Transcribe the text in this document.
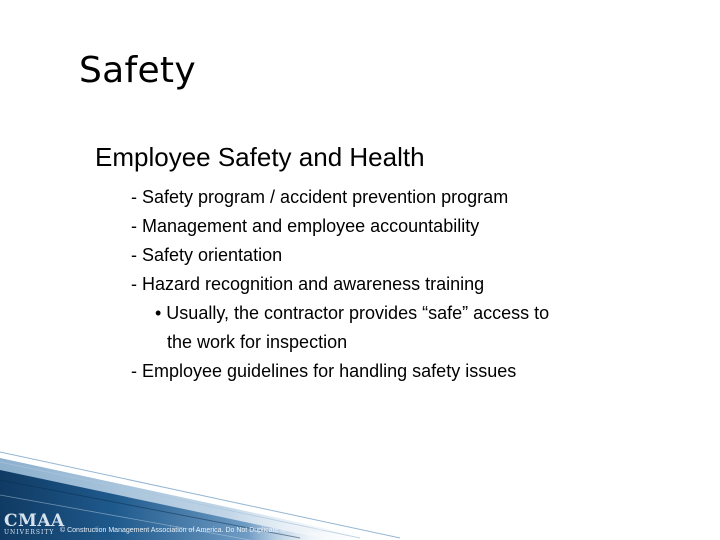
Safety
Employee Safety and Health
- Safety program / accident prevention program
- Management and employee accountability
- Safety orientation
- Hazard recognition and awareness training
• Usually, the contractor provides “safe” access to
the work for inspection
- Employee guidelines for handling safety issues
CMAA
UNIVERSITY © Construction Management Association of America. Do Not Duplicate or Reproduce.
